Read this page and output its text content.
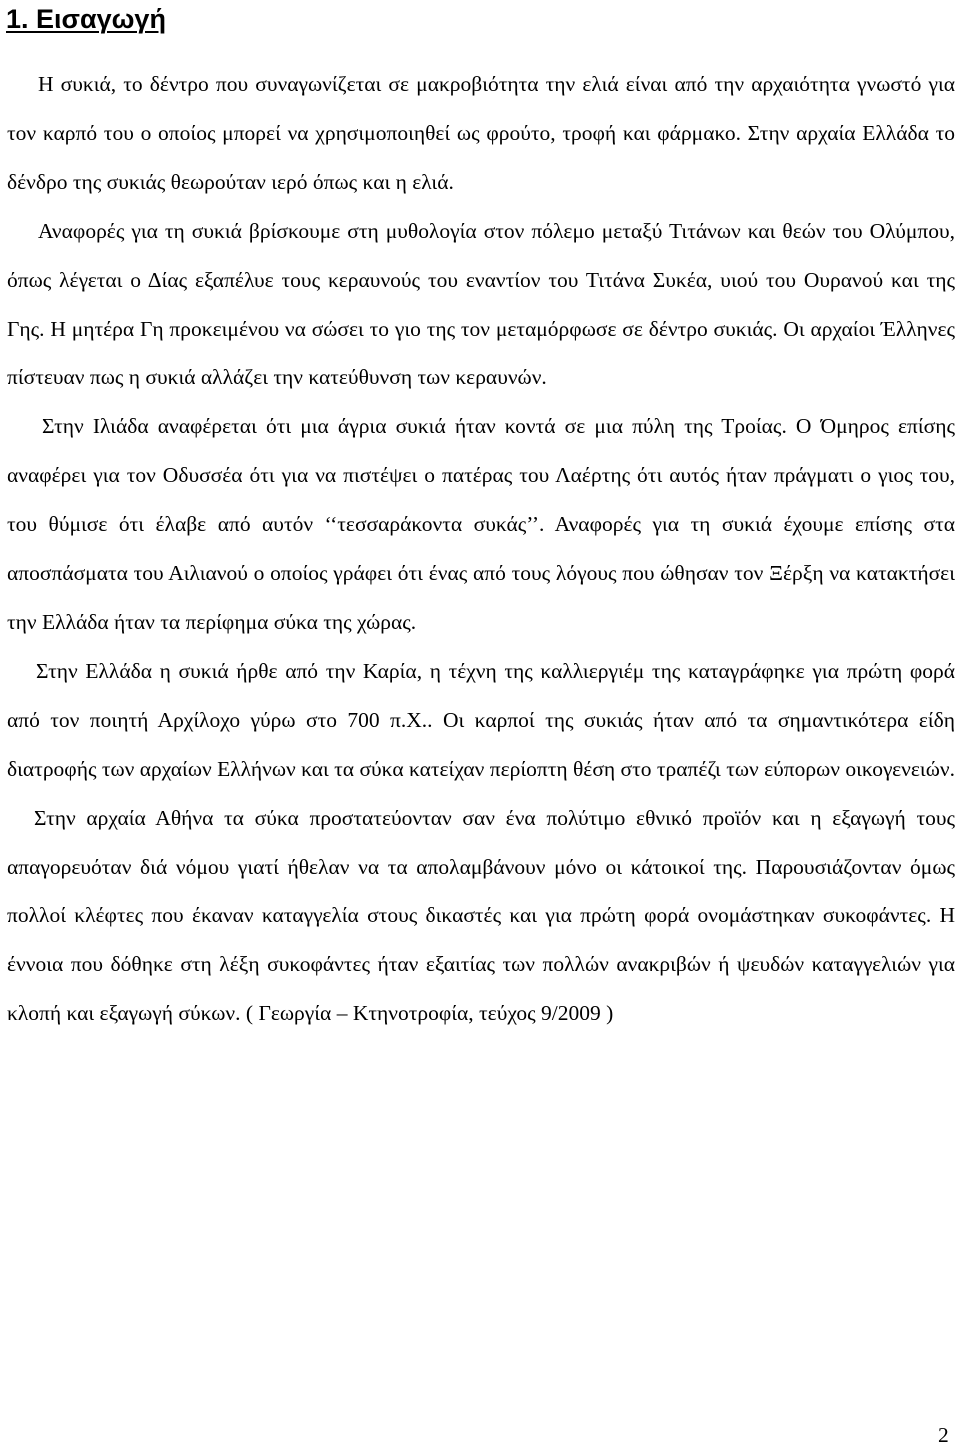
1. Εισαγωγή

Η συκιά, το δέντρο που συναγωνίζεται σε μακροβιότητα την ελιά είναι από την αρχαιότητα γνωστό για τον καρπό του ο οποίος μπορεί να χρησιμοποιηθεί ως φρούτο, τροφή και φάρμακο. Στην αρχαία Ελλάδα το δένδρο της συκιάς θεωρούταν ιερό όπως και η ελιά.

Αναφορές για τη συκιά βρίσκουμε στη μυθολογία στον πόλεμο μεταξύ Τιτάνων και θεών του Ολύμπου, όπως λέγεται ο Δίας εξαπέλυε τους κεραυνούς του εναντίον του Τιτάνα Συκέα, υιού του Ουρανού και της Γης. Η μητέρα Γη προκειμένου να σώσει το γιο της τον μεταμόρφωσε σε δέντρο συκιάς. Οι αρχαίοι Έλληνες πίστευαν πως η συκιά αλλάζει την κατεύθυνση των κεραυνών.

Στην Ιλιάδα αναφέρεται ότι μια άγρια συκιά ήταν κοντά σε μια πύλη της Τροίας. Ο Όμηρος επίσης αναφέρει για τον Οδυσσέα ότι για να πιστέψει ο πατέρας του Λαέρτης ότι αυτός ήταν πράγματι ο γιος του, του θύμισε ότι έλαβε από αυτόν ‘‘τεσσαράκοντα συκάς’’. Αναφορές για τη συκιά έχουμε επίσης στα αποσπάσματα του Αιλιανού ο οποίος γράφει ότι ένας από τους λόγους που ώθησαν τον Ξέρξη να κατακτήσει την Ελλάδα ήταν τα περίφημα σύκα της χώρας.

Στην Ελλάδα η συκιά ήρθε από την Καρία, η τέχνη της καλλιεργιέμ της καταγράφηκε για πρώτη φορά από τον ποιητή Αρχίλοχο γύρω στο 700 π.Χ.. Οι καρποί της συκιάς ήταν από τα σημαντικότερα είδη διατροφής των αρχαίων Ελλήνων και τα σύκα κατείχαν περίοπτη θέση στο τραπέζι των εύπορων οικογενειών.

Στην αρχαία Αθήνα τα σύκα προστατεύονταν σαν ένα πολύτιμο εθνικό προϊόν και η εξαγωγή τους απαγορευόταν διά νόμου γιατί ήθελαν να τα απολαμβάνουν μόνο οι κάτοικοί της. Παρουσιάζονταν όμως πολλοί κλέφτες που έκαναν καταγγελία στους δικαστές και για πρώτη φορά ονομάστηκαν συκοφάντες. Η έννοια που δόθηκε στη λέξη συκοφάντες ήταν εξαιτίας των πολλών ανακριβών ή ψευδών καταγγελιών για κλοπή και εξαγωγή σύκων. ( Γεωργία – Κτηνοτροφία, τεύχος 9/2009 )

2
